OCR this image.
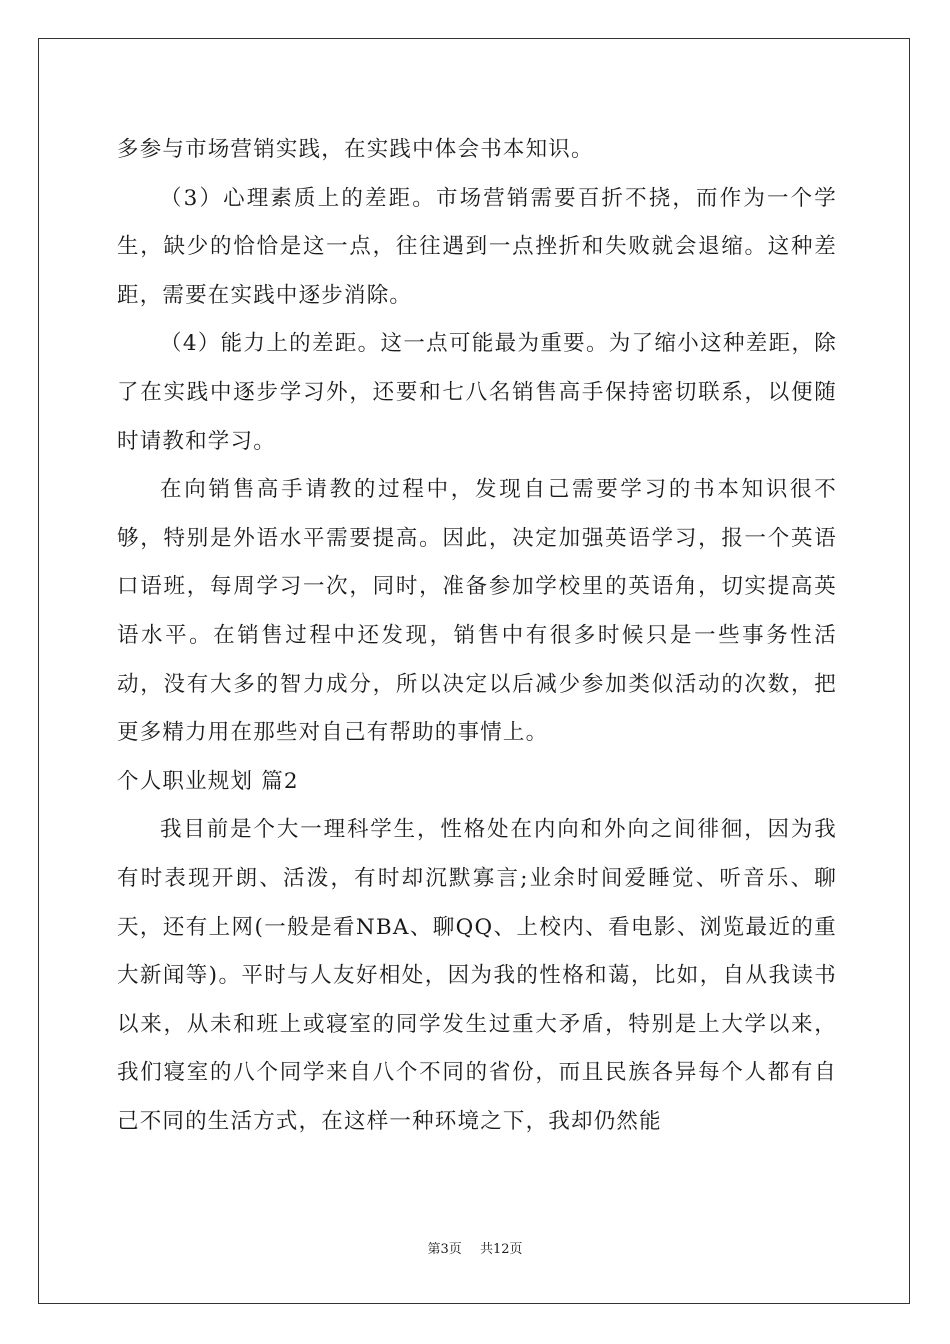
多参与市场营销实践，在实践中体会书本知识。

（3）心理素质上的差距。市场营销需要百折不挠，而作为一个学生，缺少的恰恰是这一点，往往遇到一点挫折和失败就会退缩。这种差距，需要在实践中逐步消除。

（4）能力上的差距。这一点可能最为重要。为了缩小这种差距，除了在实践中逐步学习外，还要和七八名销售高手保持密切联系，以便随时请教和学习。

在向销售高手请教的过程中，发现自己需要学习的书本知识很不够，特别是外语水平需要提高。因此，决定加强英语学习，报一个英语口语班，每周学习一次，同时，准备参加学校里的英语角，切实提高英语水平。在销售过程中还发现，销售中有很多时候只是一些事务性活动，没有大多的智力成分，所以决定以后减少参加类似活动的次数，把更多精力用在那些对自己有帮助的事情上。

个人职业规划 篇2

我目前是个大一理科学生，性格处在内向和外向之间徘徊，因为我有时表现开朗、活泼，有时却沉默寡言;业余时间爱睡觉、听音乐、聊天，还有上网(一般是看NBA、聊QQ、上校内、看电影、浏览最近的重大新闻等)。平时与人友好相处，因为我的性格和蔼，比如，自从我读书以来，从未和班上或寝室的同学发生过重大矛盾，特别是上大学以来，我们寝室的八个同学来自八个不同的省份，而且民族各异每个人都有自己不同的生活方式，在这样一种环境之下，我却仍然能

第3页 共12页
